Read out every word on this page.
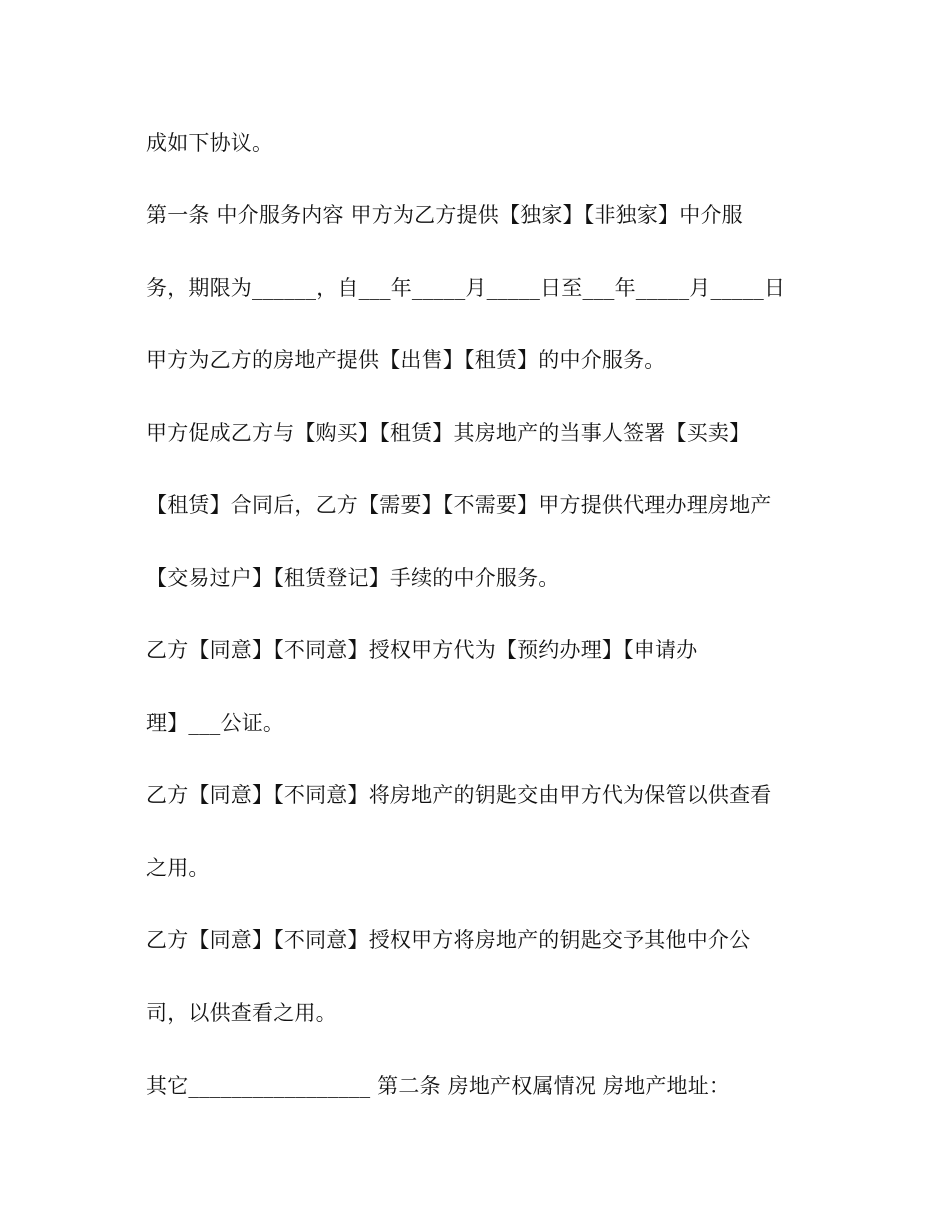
成如下协议。
第一条 中介服务内容 甲方为乙方提供【独家】【非独家】中介服
务，期限为______，自___年_____月_____日至___年_____月_____日
甲方为乙方的房地产提供【出售】【租赁】的中介服务。
甲方促成乙方与【购买】【租赁】其房地产的当事人签署【买卖】
【租赁】合同后，乙方【需要】【不需要】甲方提供代理办理房地产
【交易过户】【租赁登记】手续的中介服务。
乙方【同意】【不同意】授权甲方代为【预约办理】【申请办
理】___公证。
乙方【同意】【不同意】将房地产的钥匙交由甲方代为保管以供查看
之用。
乙方【同意】【不同意】授权甲方将房地产的钥匙交予其他中介公
司，以供查看之用。
其它_________________ 第二条 房地产权属情况 房地产地址：
